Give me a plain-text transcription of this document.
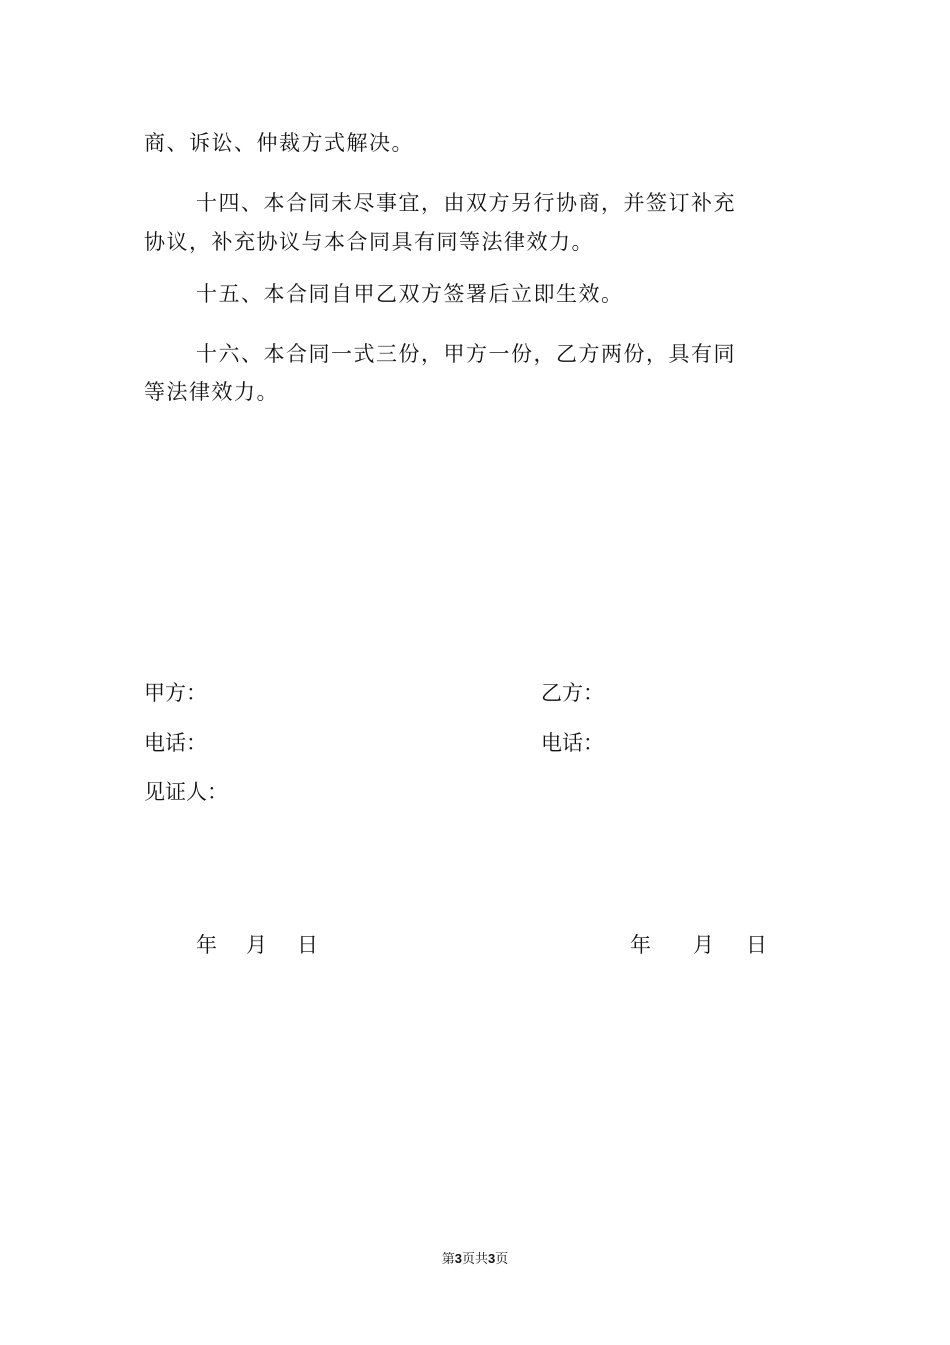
商、诉讼、仲裁方式解决。
十四、本合同未尽事宜，由双方另行协商，并签订补充
协议，补充协议与本合同具有同等法律效力。
十五、本合同自甲乙双方签署后立即生效。
十六、本合同一式三份，甲方一份，乙方两份，具有同
等法律效力。
甲方：	乙方：
电话：	电话：
见证人：
年 月 日	年 月 日
第3页共3页
